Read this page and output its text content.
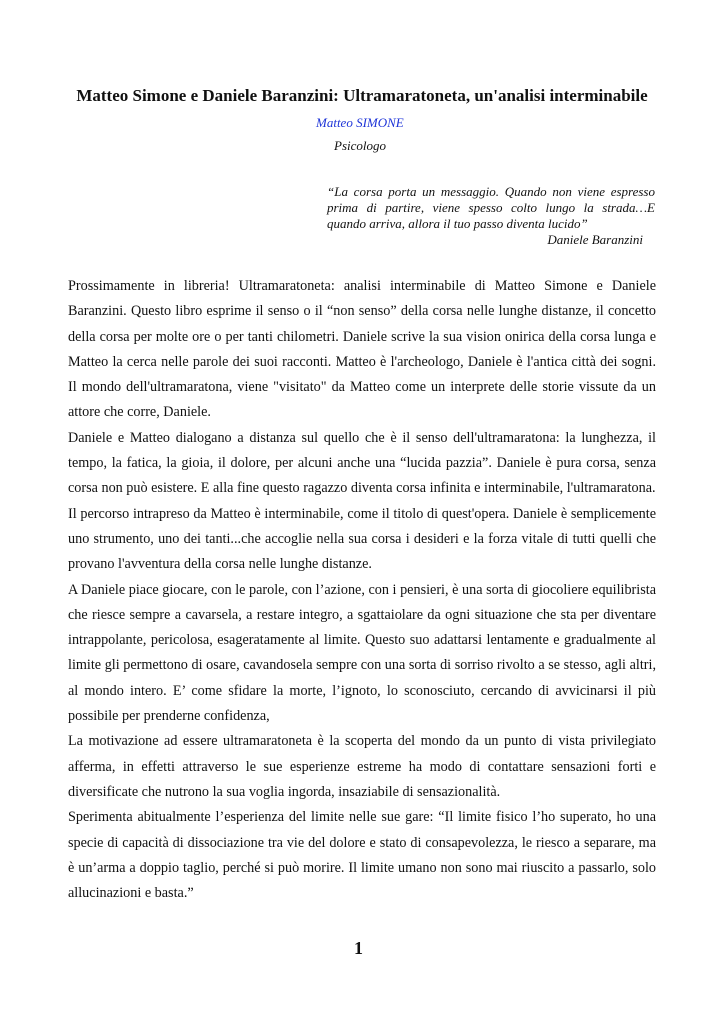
Matteo Simone e Daniele Baranzini: Ultramaratoneta, un'analisi interminabile
Matteo SIMONE
Psicologo
“La corsa porta un messaggio. Quando non viene espresso prima di partire, viene spesso colto lungo la strada…E quando arriva, allora il tuo passo diventa lucido”
Daniele Baranzini

Prossimamente in libreria! Ultramaratoneta: analisi interminabile di Matteo Simone e Daniele Baranzini. Questo libro esprime il senso o il “non senso” della corsa nelle lunghe distanze, il concetto della corsa per molte ore o per tanti chilometri. Daniele scrive la sua vision onirica della corsa lunga e Matteo la cerca nelle parole dei suoi racconti. Matteo è l'archeologo, Daniele è l'antica città dei sogni. Il mondo dell'ultramaratona, viene "visitato" da Matteo come un interprete delle storie vissute da un attore che corre, Daniele.

Daniele e Matteo dialogano a distanza sul quello che è il senso dell'ultramaratona: la lunghezza, il tempo, la fatica, la gioia, il dolore, per alcuni anche una “lucida pazzia”. Daniele è pura corsa, senza corsa non può esistere. E alla fine questo ragazzo diventa corsa infinita e interminabile, l'ultramaratona.

Il percorso intrapreso da Matteo è interminabile, come il titolo di quest'opera. Daniele è semplicemente uno strumento, uno dei tanti...che accoglie nella sua corsa i desideri e la forza vitale di tutti quelli che provano l'avventura della corsa nelle lunghe distanze.

A Daniele piace giocare, con le parole, con l’azione, con i pensieri, è una sorta di giocoliere equilibrista che riesce sempre a cavarsela, a restare integro, a sgattaiolare da ogni situazione che sta per diventare intrappolante, pericolosa, esageratamente al limite. Questo suo adattarsi lentamente e gradualmente al limite gli permettono di osare, cavandosela sempre con una sorta di sorriso rivolto a se stesso, agli altri, al mondo intero. E’ come sfidare la morte, l’ignoto, lo sconosciuto, cercando di avvicinarsi il più possibile per prenderne confidenza,

La motivazione ad essere ultramaratoneta è la scoperta del mondo da un punto di vista privilegiato afferma, in effetti attraverso le sue esperienze estreme ha modo di contattare sensazioni forti e diversificate che nutrono la sua voglia ingorda, insaziabile di sensazionalità.

Sperimenta abitualmente l’esperienza del limite nelle sue gare: “Il limite fisico l’ho superato, ho una specie di capacità di dissociazione tra vie del dolore e stato di consapevolezza, le riesco a separare, ma è un’arma a doppio taglio, perché si può morire. Il limite umano non sono mai riuscito a passarlo, solo allucinazioni e basta.”

1
